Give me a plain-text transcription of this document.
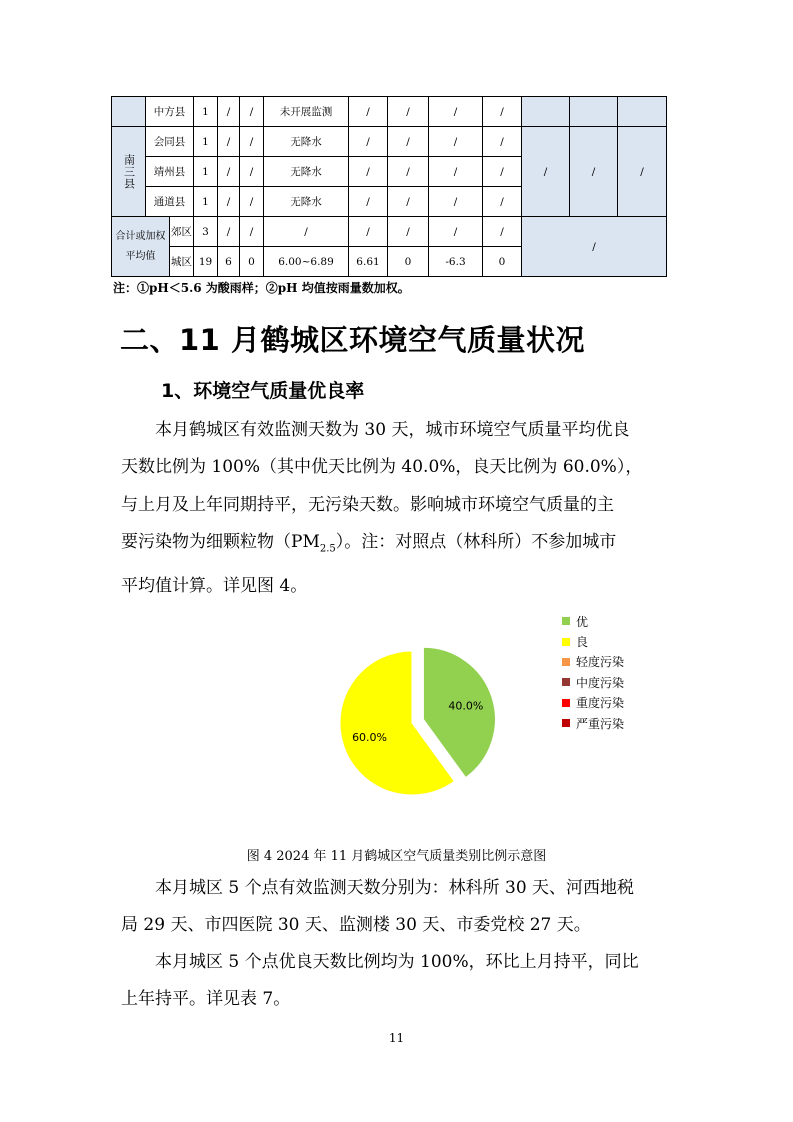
	中方县		1	/	/	未开展监测	/	/	/	/			
南三县	会同县		1	/	/	无降水	/	/	/	/	/	/	/
	靖州县		1	/	/	无降水	/	/	/	/			
	通道县		1	/	/	无降水	/	/	/	/			
合计或加权平均值		郊区	3	/	/	/	/	/	/	/	/		
		城区	19	6	0	6.00~6.89	6.61	0	-6.3	0			
注：①pH＜5.6 为酸雨样；②pH 均值按雨量数加权。
二、11 月鹤城区环境空气质量状况
1、环境空气质量优良率
本月鹤城区有效监测天数为 30 天，城市环境空气质量平均优良
天数比例为 100%（其中优天比例为 40.0%，良天比例为 60.0%），
与上月及上年同期持平，无污染天数。影响城市环境空气质量的主
要污染物为细颗粒物$(PM_{2.5})$。注：对照点（林科所）不参加城市
平均值计算。详见图 4。
40.0%
60.0%
优
良
轻度污染
中度污染
重度污染
严重污染
图 4 2024 年 11 月鹤城区空气质量类别比例示意图
本月城区 5 个点有效监测天数分别为：林科所 30 天、河西地税
局 29 天、市四医院 30 天、监测楼 30 天、市委党校 27 天。
本月城区 5 个点优良天数比例均为 100%，环比上月持平，同比
上年持平。详见表 7。
11
